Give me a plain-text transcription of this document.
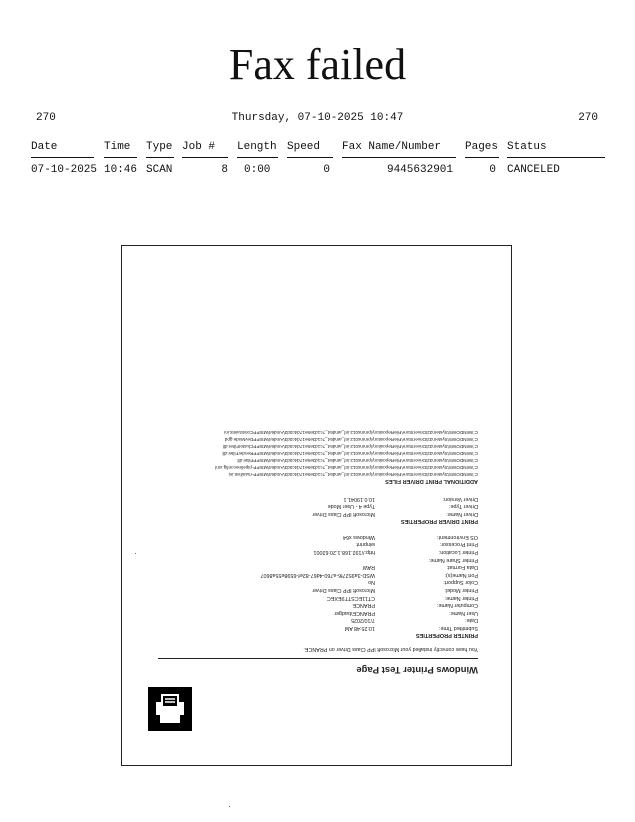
Fax failed
270	Thursday, 07-10-2025 10:47	270
Date	Time Type Job # Length Speed Fax Name/Number Pages Status
07-10-2025 10:46 SCAN	8 0:00	0	9445632901	0 CANCELED
Windows Printer Test Page
You have correctly installed your Microsoft IPP Class Driver on PRANCE.
PRINTER PROPERTIES
Submitted Time:
10:25:48 AM
Date:
7/10/2025
User Name:
PRANCE\badger
Computer Name:
PRANCE
Printer Name:
CT11ECSTT9EXEC
Printer Model:
Microsoft IPP Class Driver
Color Support:
No
Port Name(s):
WSD-3a9527f6-a760-4d67-82ef-6598e55a8607
Data Format:
RAW
Printer Share Name:
Printer Location:
http://192.168.1.20:62001
Print Processor:
winprint
OS Environment:
Windows x64
PRINT DRIVER PROPERTIES
Driver Name:
Microsoft IPP Class Driver
Driver Type:
Type 4 - User Mode
Driver Version:
10.0.19041.1
ADDITIONAL PRINT DRIVER FILES
C:\WINDOWS\System32\DriverStore\FileRepository\prnms012.inf_amd64_7c1d3e5e17d4c0d3\Amd64\MSIPP-manifest.ini
C:\WINDOWS\System32\DriverStore\FileRepository\prnms012.inf_amd64_7c1d3e5e17d4c0d3\Amd64\MSIPP-pipelineconfig.xml
C:\WINDOWS\System32\DriverStore\FileRepository\prnms012.inf_amd64_7c1d3e5e17d4c0d3\Amd64\MSIPPFilter.dll
C:\WINDOWS\System32\DriverStore\FileRepository\prnms012.inf_amd64_7c1d3e5e17d4c0d3\Amd64\MSIPPRenderFilter.dll
C:\WINDOWS\System32\DriverStore\FileRepository\prnms012.inf_amd64_7c1d3e5e17d4c0d3\Amd64\MSIPPClusterFilter.dll
C:\WINDOWS\System32\DriverStore\FileRepository\prnms012.inf_amd64_7c1d3e5e17d4c0d3\Amd64\MSIPPDevMode.gpd
C:\WINDOWS\System32\DriverStore\FileRepository\prnms012.inf_amd64_7c1d3e5e17d4c0d3\Amd64\MSIPPConstraints.ini
